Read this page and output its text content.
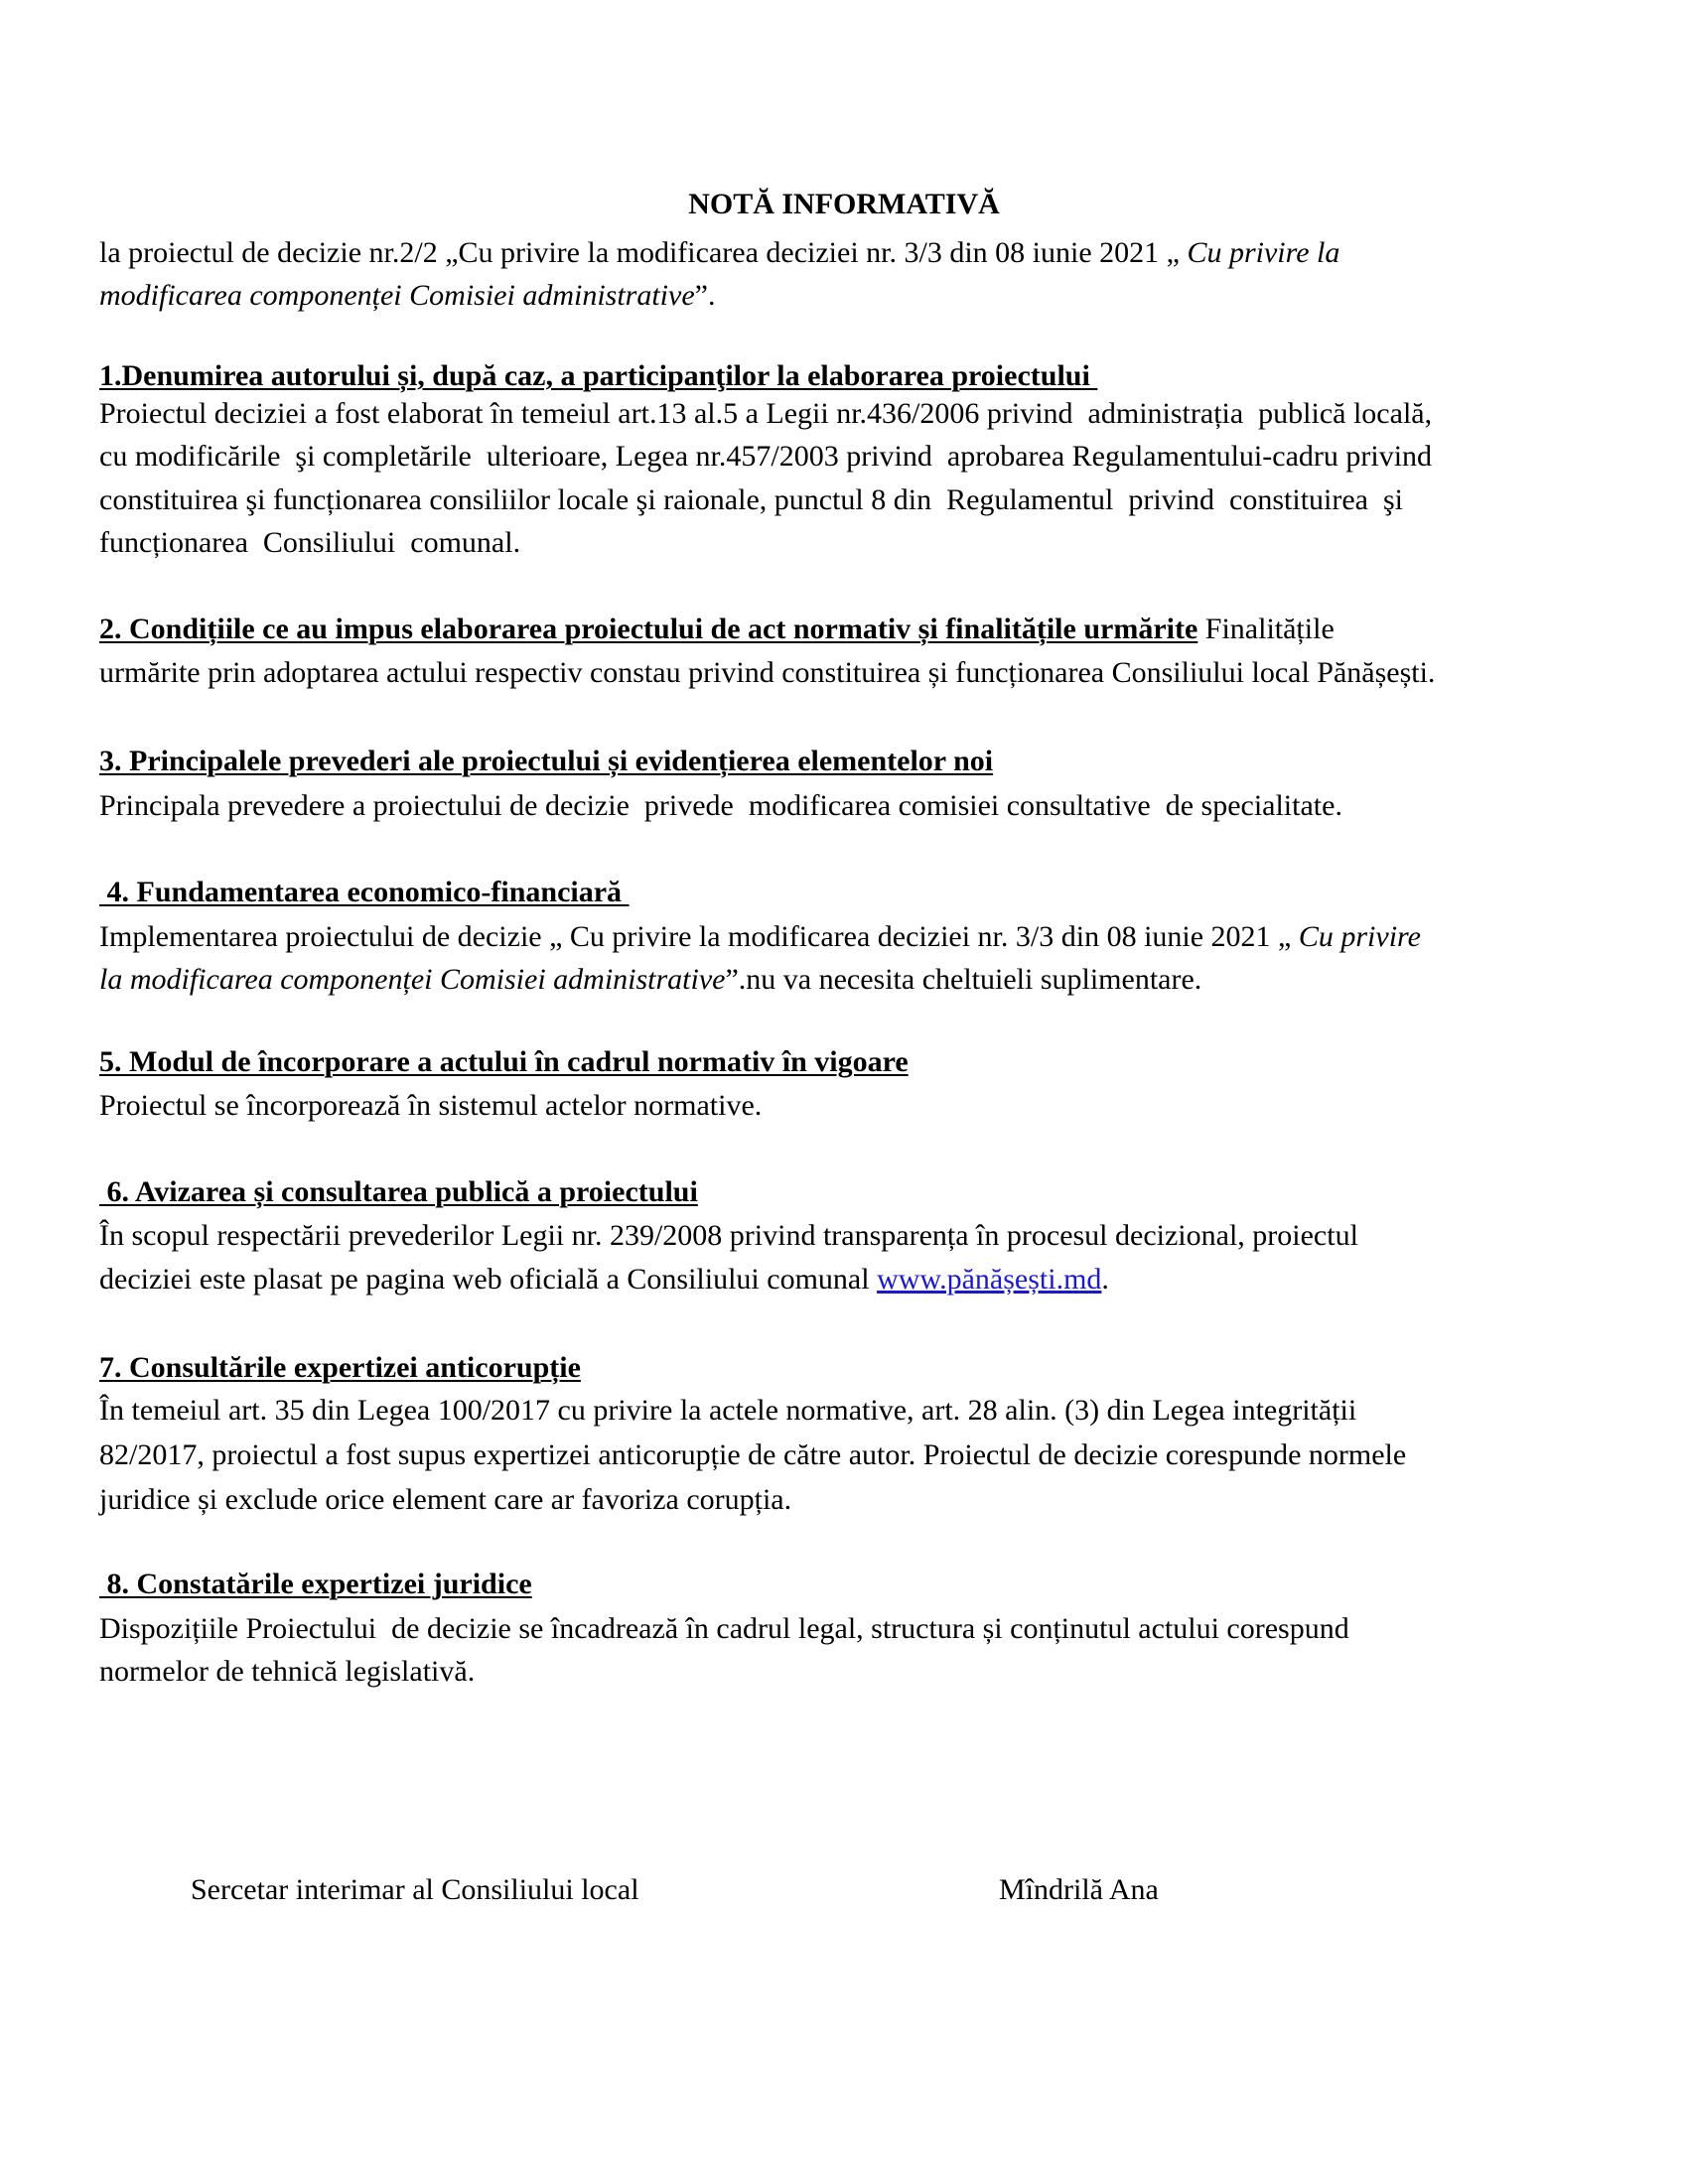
NOTĂ INFORMATIVĂ
la proiectul de decizie nr.2/2 „Cu privire la modificarea deciziei nr. 3/3 din 08 iunie 2021 „ Cu privire la
modificarea componenței Comisiei administrative”.
1.Denumirea autorului și, după caz, a participanţilor la elaborarea proiectului
Proiectul deciziei a fost elaborat în temeiul art.13 al.5 a Legii nr.436/2006 privind  administrația  publică locală,
cu modificările  şi completările  ulterioare, Legea nr.457/2003 privind  aprobarea Regulamentului-cadru privind
constituirea şi funcționarea consiliilor locale şi raionale, punctul 8 din  Regulamentul  privind  constituirea  şi
funcționarea  Consiliului  comunal.
2. Condițiile ce au impus elaborarea proiectului de act normativ și finalitățile urmărite Finalitățile
urmărite prin adoptarea actului respectiv constau privind constituirea și funcționarea Consiliului local Pănășești.
3. Principalele prevederi ale proiectului și evidențierea elementelor noi
Principala prevedere a proiectului de decizie  privede  modificarea comisiei consultative  de specialitate.
4. Fundamentarea economico-financiară
Implementarea proiectului de decizie „ Cu privire la modificarea deciziei nr. 3/3 din 08 iunie 2021 „ Cu privire
la modificarea componenței Comisiei administrative”.nu va necesita cheltuieli suplimentare.
5. Modul de încorporare a actului în cadrul normativ în vigoare
Proiectul se încorporează în sistemul actelor normative.
6. Avizarea și consultarea publică a proiectului
În scopul respectării prevederilor Legii nr. 239/2008 privind transparența în procesul decizional, proiectul
deciziei este plasat pe pagina web oficială a Consiliului comunal www.pănășești.md.
7. Consultările expertizei anticorupție
În temeiul art. 35 din Legea 100/2017 cu privire la actele normative, art. 28 alin. (3) din Legea integrității
82/2017, proiectul a fost supus expertizei anticorupție de către autor. Proiectul de decizie corespunde normele
juridice și exclude orice element care ar favoriza corupția.
8. Constatările expertizei juridice
Dispozițiile Proiectului  de decizie se încadrează în cadrul legal, structura și conținutul actului corespund
normelor de tehnică legislativă.
Sercetar interimar al Consiliului local	Mîndrilă Ana
